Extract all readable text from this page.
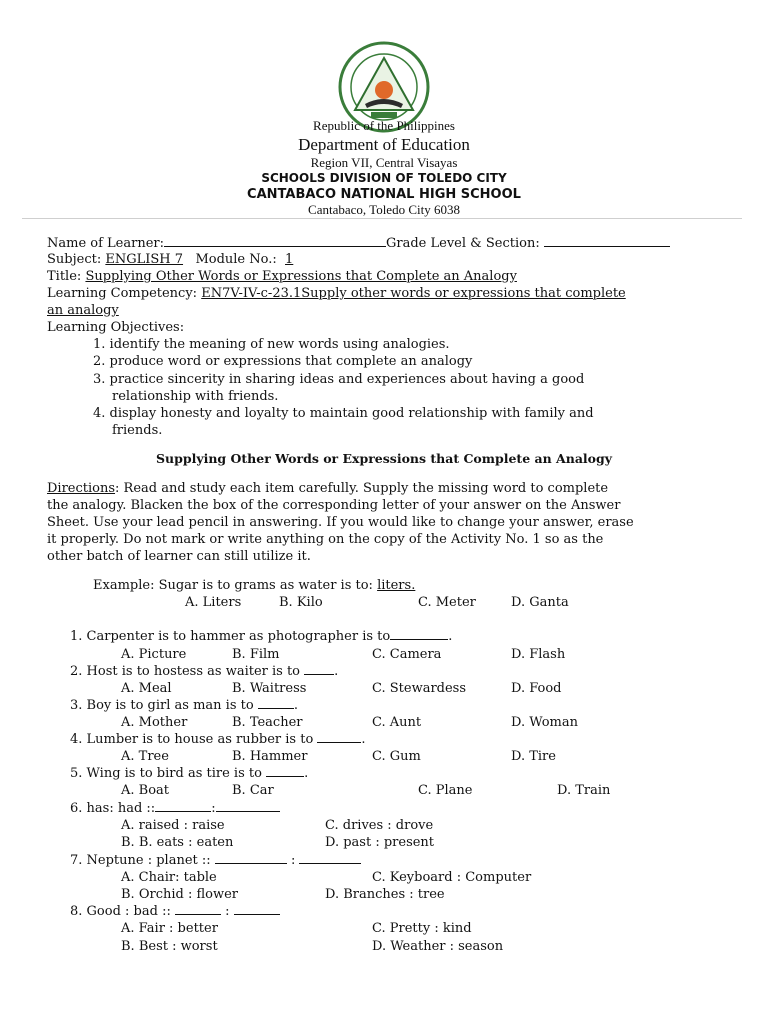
Republic of the Philippines
Department of Education
Region VII, Central Visayas
SCHOOLS DIVISION OF TOLEDO CITY
CANTABACO NATIONAL HIGH SCHOOL
Cantabaco, Toledo City 6038
Name of Learner:	Grade Level & Section:
Subject: ENGLISH 7 Module No.: 1
Title: Supplying Other Words or Expressions that Complete an Analogy
Learning Competency: EN7V-IV-c-23.1Supply other words or expressions that complete
an analogy
Learning Objectives:
1. identify the meaning of new words using analogies.
2. produce word or expressions that complete an analogy
3. practice sincerity in sharing ideas and experiences about having a good
relationship with friends.
4. display honesty and loyalty to maintain good relationship with family and
friends.
Supplying Other Words or Expressions that Complete an Analogy
Directions: Read and study each item carefully. Supply the missing word to complete
the analogy. Blacken the box of the corresponding letter of your answer on the Answer
Sheet. Use your lead pencil in answering. If you would like to change your answer, erase
it properly. Do not mark or write anything on the copy of the Activity No. 1 so as the
other batch of learner can still utilize it.
Example: Sugar is to grams as water is to: liters.
A. Liters	B. Kilo	C. Meter	D. Ganta
1. Carpenter is to hammer as photographer is to	.
A. Picture	B. Film	C. Camera	D. Flash
2. Host is to hostess as waiter is to	.
A. Meal	B. Waitress	C. Stewardess	D. Food
3. Boy is to girl as man is to	.
A. Mother	B. Teacher	C. Aunt	D. Woman
4. Lumber is to house as rubber is to	.
A. Tree	B. Hammer	C. Gum	D. Tire
5. Wing is to bird as tire is to	.
A. Boat	B. Car	C. Plane	D. Train
6. has: had ::	:
A. raised : raise	C. drives : drove
B. B. eats : eaten	D. past : present
7. Neptune : planet ::	:
A. Chair: table	C. Keyboard : Computer
B. Orchid : flower	D. Branches : tree
8. Good : bad ::	:
A. Fair : better	C. Pretty : kind
B. Best : worst	D. Weather : season
